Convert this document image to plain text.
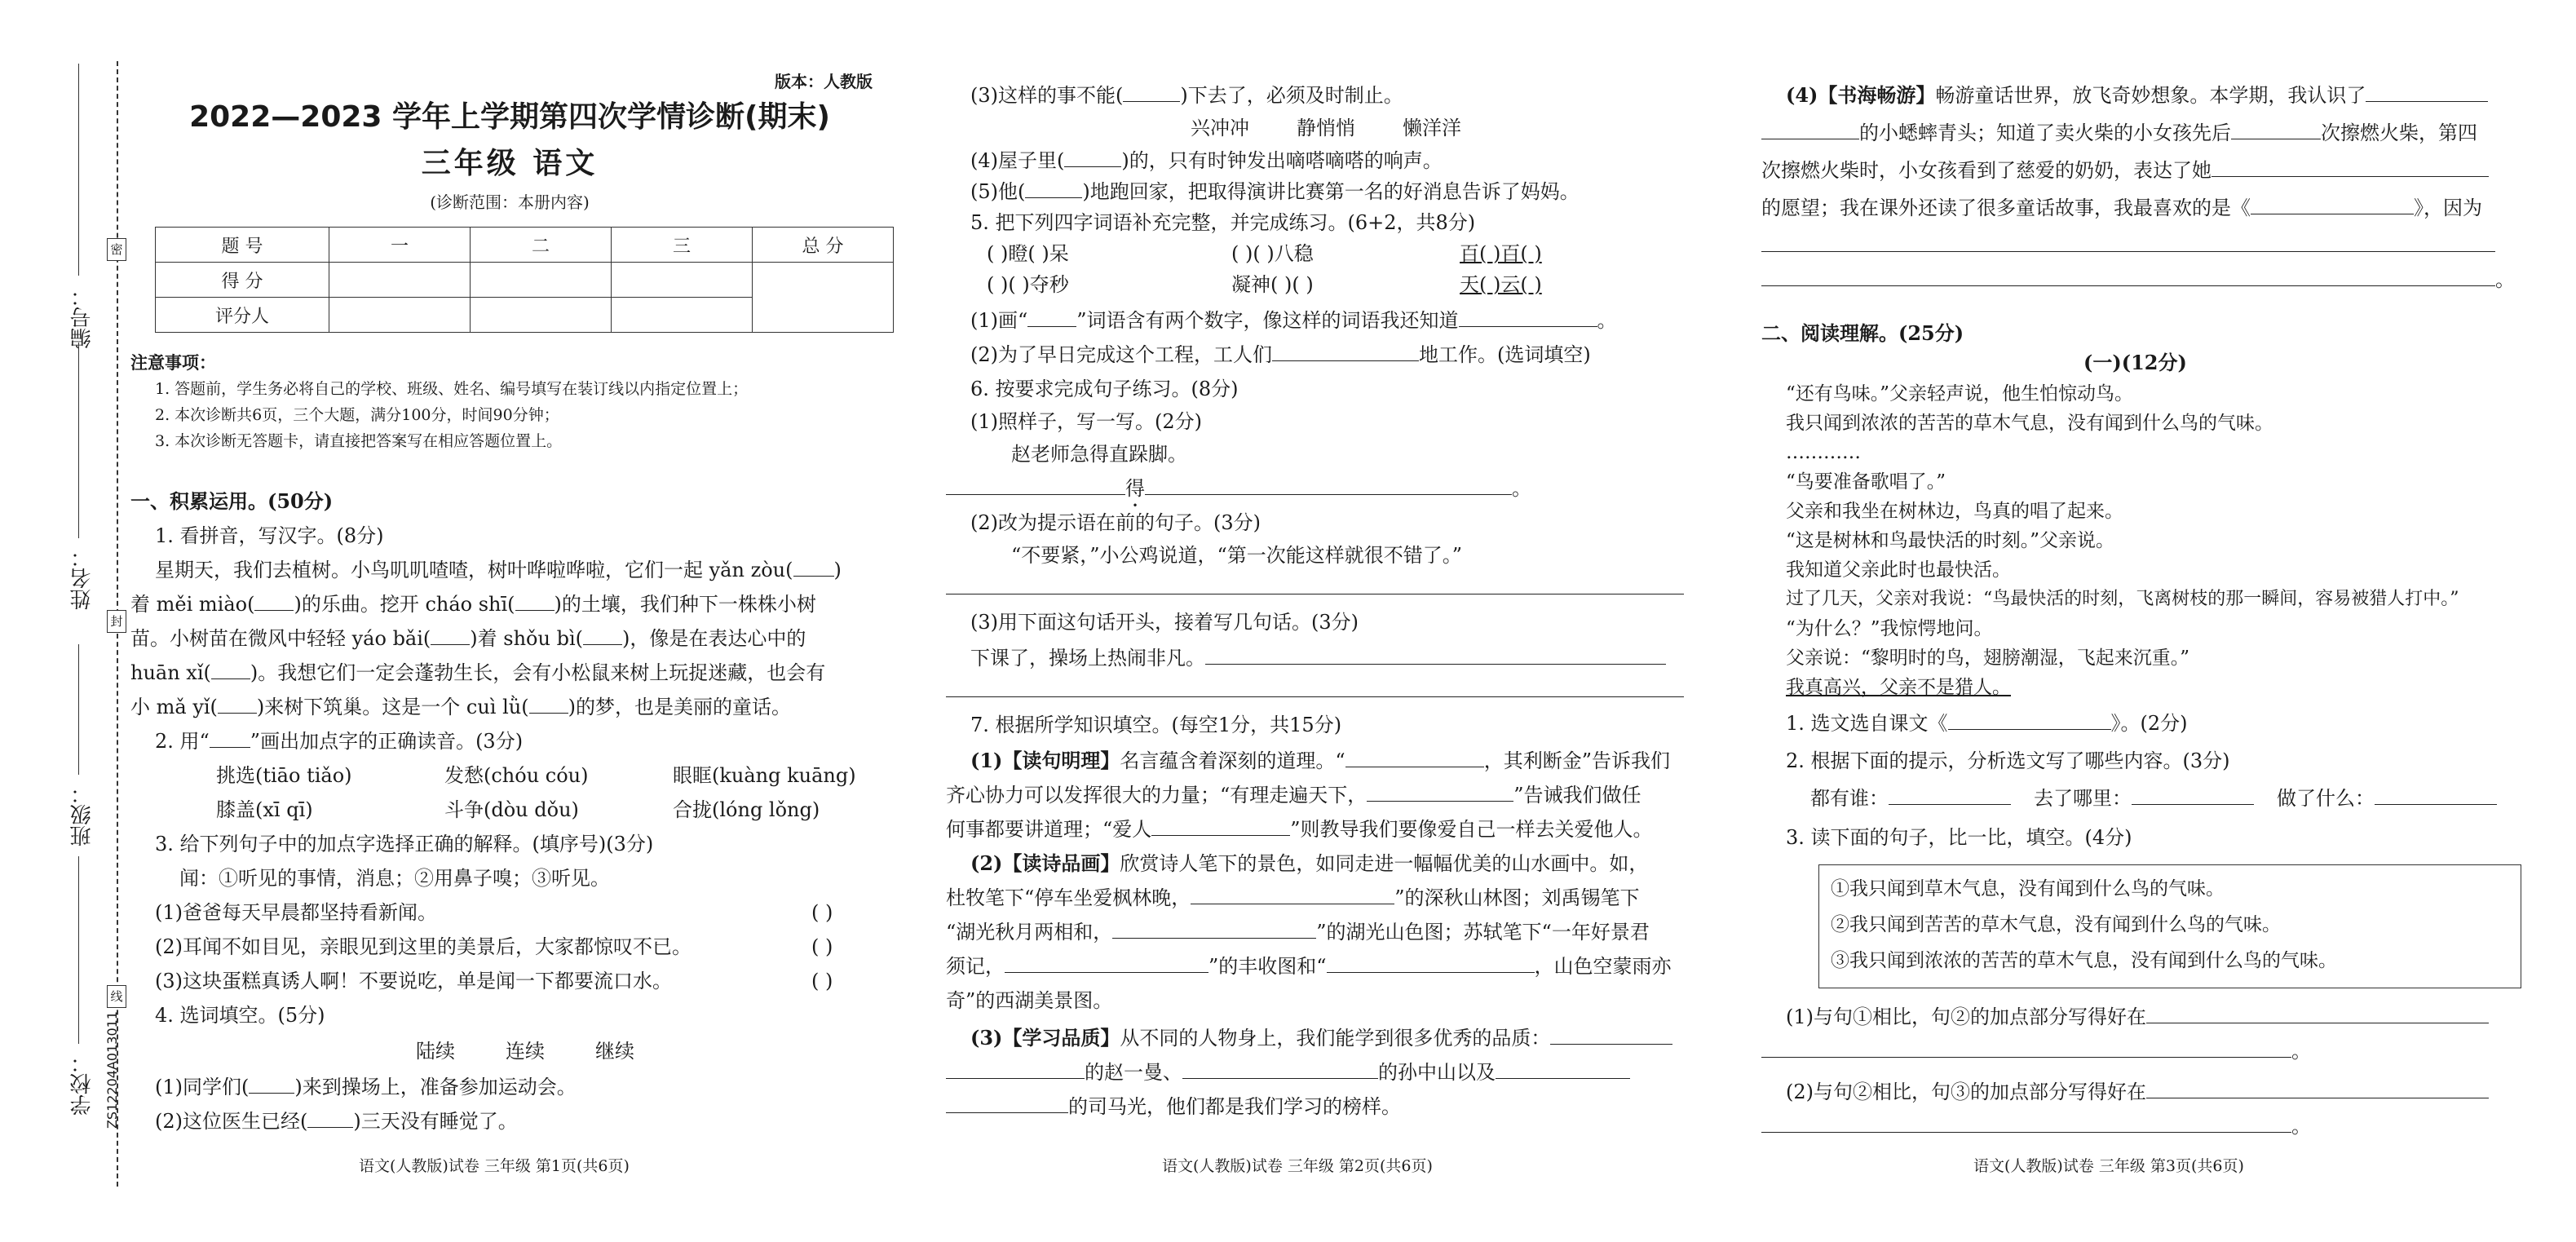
密
封
线
编号：
姓名：
班级：
学校： ZS12204A013011
版本：人教版
2022—2023 学年上学期第四次学情诊断(期末)
三年级 语文
(诊断范围：本册内容)
题 号	一	二	三	总 分
得 分				
评分人				
注意事项：
1. 答题前，学生务必将自己的学校、班级、姓名、编号填写在装订线以内指定位置上；
2. 本次诊断共6页，三个大题，满分100分，时间90分钟；
3. 本次诊断无答题卡，请直接把答案写在相应答题位置上。
一、积累运用。(50分)
1. 看拼音，写汉字。(8分)
星期天，我们去植树。小鸟叽叽喳喳，树叶哗啦哗啦，它们一起 yǎn zòu( )
着 měi miào( )的乐曲。挖开 cháo shī( )的土壤，我们种下一株株小树
苗。小树苗在微风中轻轻 yáo bǎi( )着 shǒu bì( )，像是在表达心中的
huān xǐ( )。我想它们一定会蓬勃生长，会有小松鼠来树上玩捉迷藏，也会有
小 mǎ yǐ( )来树下筑巢。这是一个 cuì lǜ( )的梦，也是美丽的童话。
2. 用“ ”画出加点字的正确读音。(3分)
挑选(tiāo tiǎo)	发愁(chóu cóu)	眼眶(kuàng kuāng)
膝盖(xī qī)	斗争(dòu dǒu)	合拢(lóng lǒng)
3. 给下列句子中的加点字选择正确的解释。(填序号)(3分)
闻：①听见的事情，消息；②用鼻子嗅；③听见。
(1)爸爸每天早晨都坚持看新闻。	( )
(2)耳闻不如目见，亲眼见到这里的美景后，大家都惊叹不已。	( )
(3)这块蛋糕真诱人啊！不要说吃，单是闻一下都要流口水。	( )
4. 选词填空。(5分)
陆续	连续	继续
(1)同学们( )来到操场上，准备参加运动会。
(2)这位医生已经( )三天没有睡觉了。
语文(人教版)试卷 三年级 第1页(共6页)
(3)这样的事不能(	)下去了，必须及时制止。
兴冲冲 静悄悄 懒洋洋
(4)屋子里(	)的，只有时钟发出嘀嗒嘀嗒的响声。
(5)他(	)地跑回家，把取得演讲比赛第一名的好消息告诉了妈妈。
5. 把下列四字词语补充完整，并完成练习。(6+2，共8分)
( )瞪( )呆	( )( )八稳	百( )百( )
( )( )夺秒	凝神( )( )	天( )云( )
(1)画“	”词语含有两个数字，像这样的词语我还知道	。
(2)为了早日完成这个工程，工人们	地工作。(选词填空)
6. 按要求完成句子练习。(8分)
(1)照样子，写一写。(2分)
赵老师急得直跺脚。
得	。
(2)改为提示语在前的句子。(3分)
“不要紧，”小公鸡说道，“第一次能这样就很不错了。”
(3)用下面这句话开头，接着写几句话。(3分)
下课了，操场上热闹非凡。
7. 根据所学知识填空。(每空1分，共15分)
(1)【读句明理】名言蕴含着深刻的道理。“	，其利断金”告诉我们
齐心协力可以发挥很大的力量；“有理走遍天下，	”告诫我们做任
何事都要讲道理；“爱人	”则教导我们要像爱自己一样去关爱他人。
(2)【读诗品画】欣赏诗人笔下的景色，如同走进一幅幅优美的山水画中。如，
杜牧笔下“停车坐爱枫林晚，	”的深秋山林图；刘禹锡笔下
“湖光秋月两相和，	”的湖光山色图；苏轼笔下“一年好景君
须记，	”的丰收图和“	，山色空蒙雨亦
奇”的西湖美景图。
(3)【学习品质】从不同的人物身上，我们能学到很多优秀的品质：
的赵一曼、	的孙中山以及
的司马光，他们都是我们学习的榜样。
语文(人教版)试卷 三年级 第2页(共6页)
(4)【书海畅游】畅游童话世界，放飞奇妙想象。本学期，我认识了
的小蟋蟀青头；知道了卖火柴的小女孩先后	次擦燃火柴，第四
次擦燃火柴时，小女孩看到了慈爱的奶奶，表达了她
的愿望；我在课外还读了很多童话故事，我最喜欢的是《	》，因为
。
二、阅读理解。(25分)
(一)(12分)
“还有鸟味。”父亲轻声说，他生怕惊动鸟。
我只闻到浓浓的苦苦的草木气息，没有闻到什么鸟的气味。
…………
“鸟要准备歌唱了。”
父亲和我坐在树林边，鸟真的唱了起来。
“这是树林和鸟最快活的时刻。”父亲说。
我知道父亲此时也最快活。
过了几天，父亲对我说：“鸟最快活的时刻，飞离树枝的那一瞬间，容易被猎人打中。”
“为什么？”我惊愕地问。
父亲说：“黎明时的鸟，翅膀潮湿，飞起来沉重。”
我真高兴，父亲不是猎人。
1. 选文选自课文《	》。(2分)
2. 根据下面的提示，分析选文写了哪些内容。(3分)
都有谁：	去了哪里：	做了什么：
3. 读下面的句子，比一比，填空。(4分)
①我只闻到草木气息，没有闻到什么鸟的气味。
②我只闻到苦苦的草木气息，没有闻到什么鸟的气味。
③我只闻到浓浓的苦苦的草木气息，没有闻到什么鸟的气味。
(1)与句①相比，句②的加点部分写得好在
。
(2)与句②相比，句③的加点部分写得好在
。
语文(人教版)试卷 三年级 第3页(共6页)
